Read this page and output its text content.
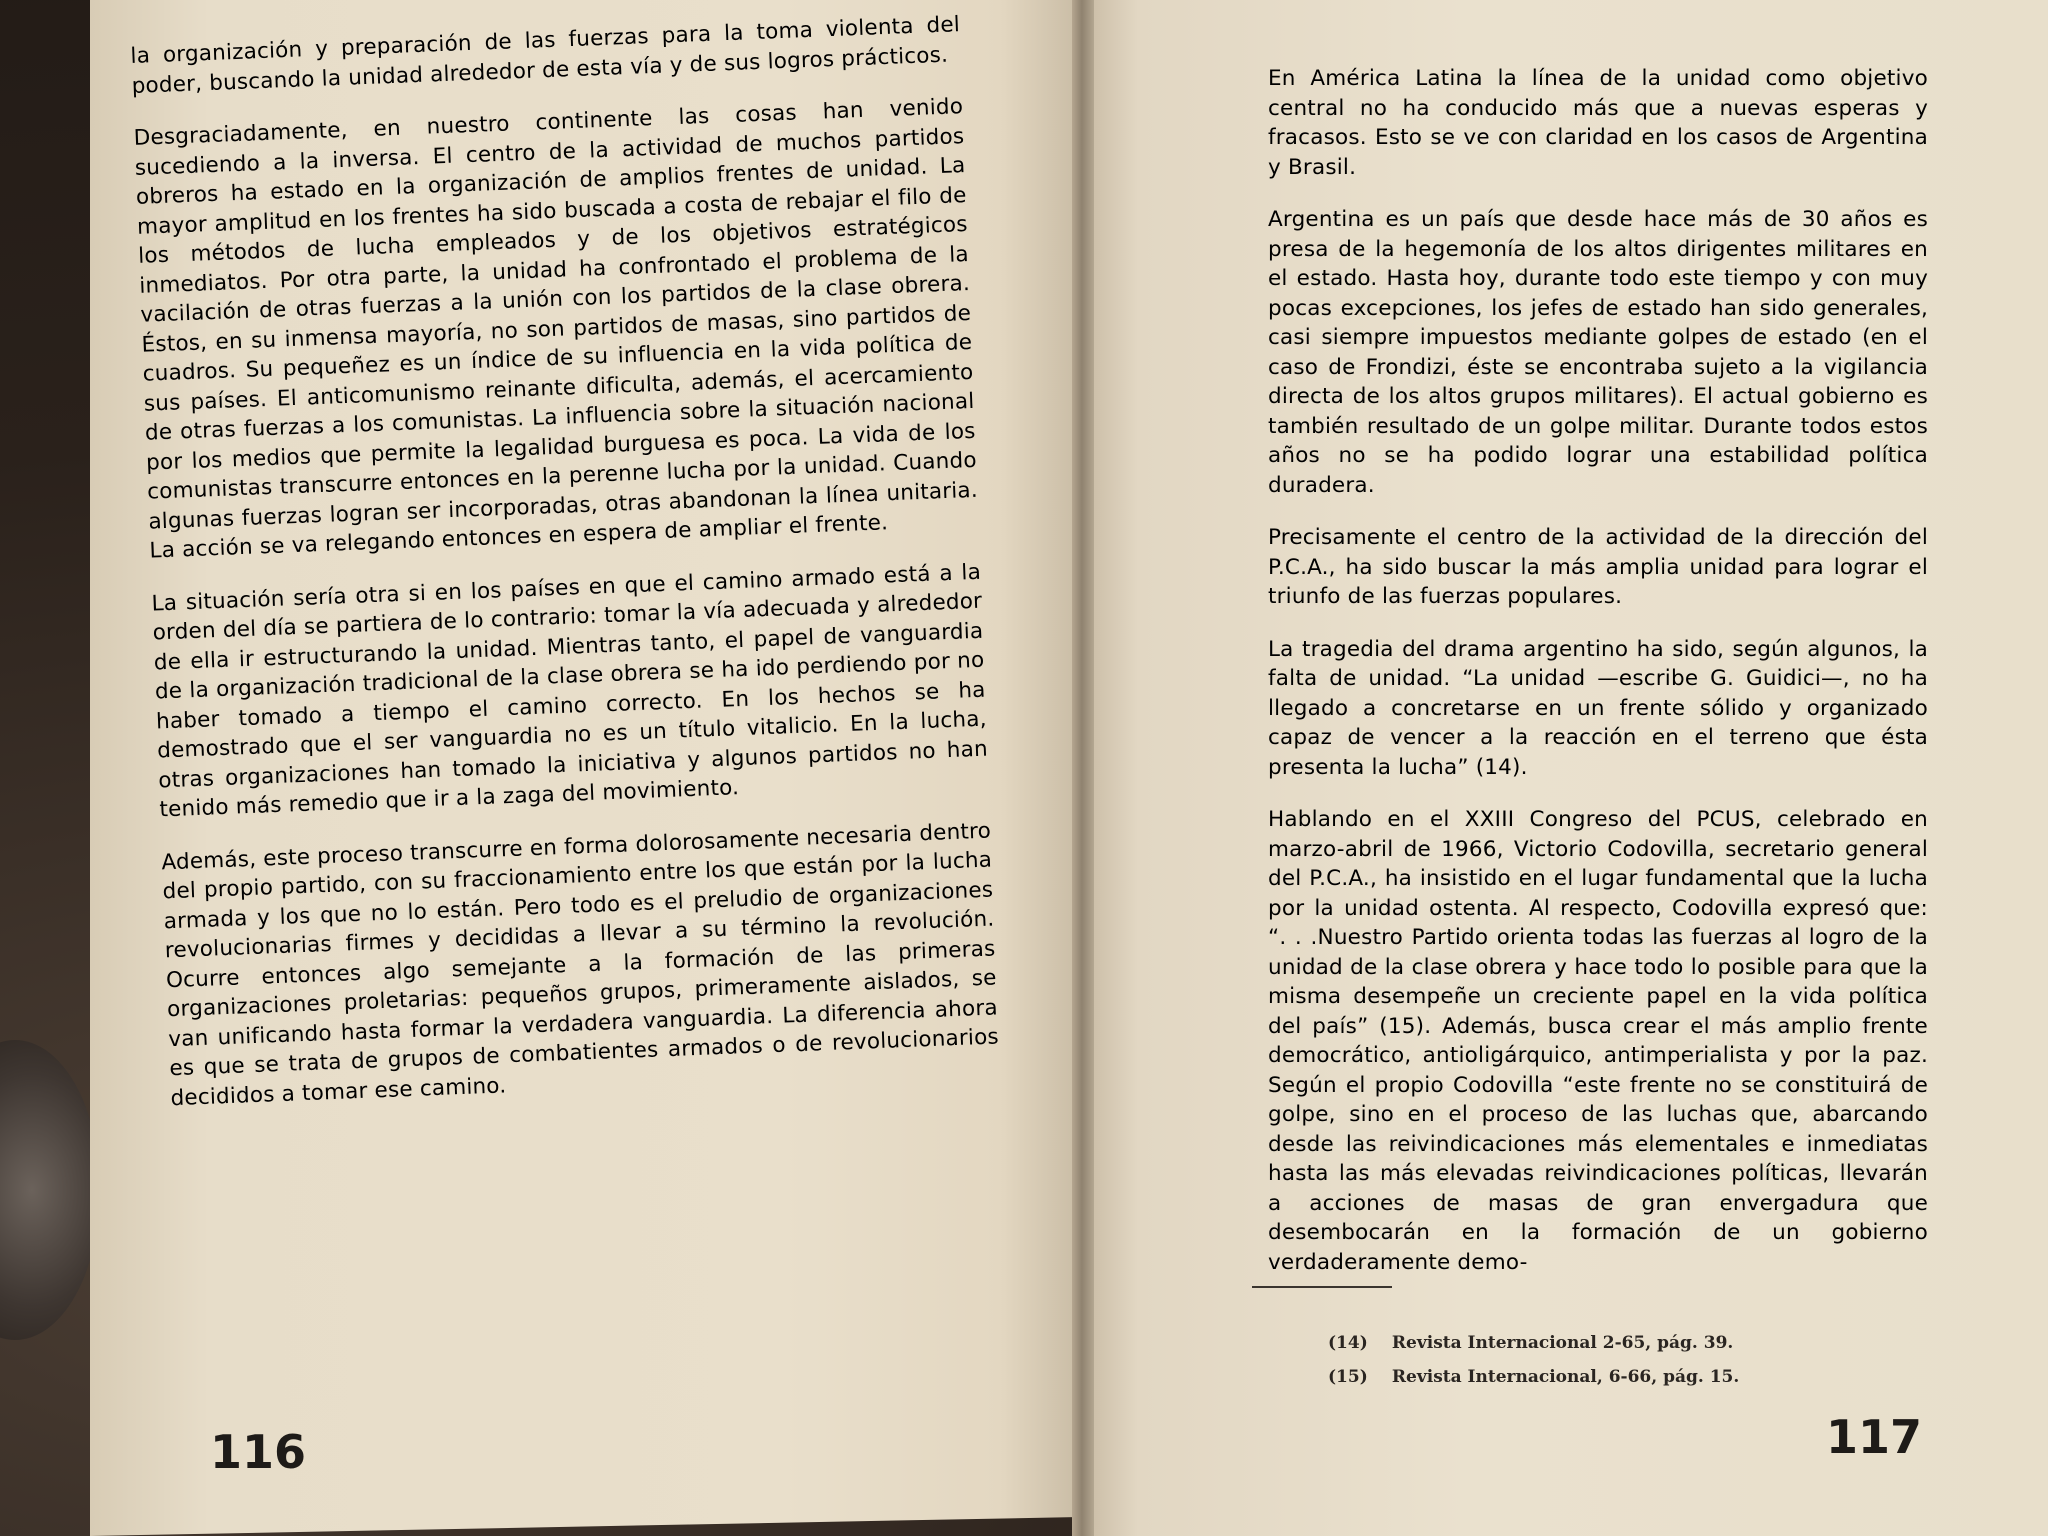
la organización y preparación de las fuerzas para la toma violenta del poder, buscando la unidad alrededor de esta vía y de sus logros prácticos.

Desgraciadamente, en nuestro continente las cosas han venido sucediendo a la inversa. El centro de la actividad de muchos partidos obreros ha estado en la organización de amplios frentes de unidad. La mayor amplitud en los frentes ha sido buscada a costa de rebajar el filo de los métodos de lucha empleados y de los objetivos estratégicos inmediatos. Por otra parte, la unidad ha confrontado el problema de la vacilación de otras fuerzas a la unión con los partidos de la clase obrera. Éstos, en su inmensa mayoría, no son partidos de masas, sino partidos de cuadros. Su pequeñez es un índice de su influencia en la vida política de sus países. El anticomunismo reinante dificulta, además, el acercamiento de otras fuerzas a los comunistas. La influencia sobre la situación nacional por los medios que permite la legalidad burguesa es poca. La vida de los comunistas transcurre entonces en la perenne lucha por la unidad. Cuando algunas fuerzas logran ser incorporadas, otras abandonan la línea unitaria. La acción se va relegando entonces en espera de ampliar el frente.

La situación sería otra si en los países en que el camino armado está a la orden del día se partiera de lo contrario: tomar la vía adecuada y alrededor de ella ir estructurando la unidad. Mientras tanto, el papel de vanguardia de la organización tradicional de la clase obrera se ha ido perdiendo por no haber tomado a tiempo el camino correcto. En los hechos se ha demostrado que el ser vanguardia no es un título vitalicio. En la lucha, otras organizaciones han tomado la iniciativa y algunos partidos no han tenido más remedio que ir a la zaga del movimiento.

Además, este proceso transcurre en forma dolorosamente necesaria dentro del propio partido, con su fraccionamiento entre los que están por la lucha armada y los que no lo están. Pero todo es el preludio de organizaciones revolucionarias firmes y decididas a llevar a su término la revolución. Ocurre entonces algo semejante a la formación de las primeras organizaciones proletarias: pequeños grupos, primeramente aislados, se van unificando hasta formar la verdadera vanguardia. La diferencia ahora es que se trata de grupos de combatientes armados o de revolucionarios decididos a tomar ese camino.

En América Latina la línea de la unidad como objetivo central no ha conducido más que a nuevas esperas y fracasos. Esto se ve con claridad en los casos de Argentina y Brasil.

Argentina es un país que desde hace más de 30 años es presa de la hegemonía de los altos dirigentes militares en el estado. Hasta hoy, durante todo este tiempo y con muy pocas excepciones, los jefes de estado han sido generales, casi siempre impuestos mediante golpes de estado (en el caso de Frondizi, éste se encontraba sujeto a la vigilancia directa de los altos grupos militares). El actual gobierno es también resultado de un golpe militar. Durante todos estos años no se ha podido lograr una estabilidad política duradera.

Precisamente el centro de la actividad de la dirección del P.C.A., ha sido buscar la más amplia unidad para lograr el triunfo de las fuerzas populares.

La tragedia del drama argentino ha sido, según algunos, la falta de unidad. “La unidad —escribe G. Guidici—, no ha llegado a concretarse en un frente sólido y organizado capaz de vencer a la reacción en el terreno que ésta presenta la lucha” (14).

Hablando en el XXIII Congreso del PCUS, celebrado en marzo-abril de 1966, Victorio Codovilla, secretario general del P.C.A., ha insistido en el lugar fundamental que la lucha por la unidad ostenta. Al respecto, Codovilla expresó que: “. . .Nuestro Partido orienta todas las fuerzas al logro de la unidad de la clase obrera y hace todo lo posible para que la misma desempeñe un creciente papel en la vida política del país” (15). Además, busca crear el más amplio frente democrático, antioligárquico, antimperialista y por la paz. Según el propio Codovilla “este frente no se constituirá de golpe, sino en el proceso de las luchas que, abarcando desde las reivindicaciones más elementales e inmediatas hasta las más elevadas reivindicaciones políticas, llevarán a acciones de masas de gran envergadura que desembocarán en la formación de un gobierno verdaderamente demo-

(14) Revista Internacional 2-65, pág. 39.
(15) Revista Internacional, 6-66, pág. 15.
116	117
